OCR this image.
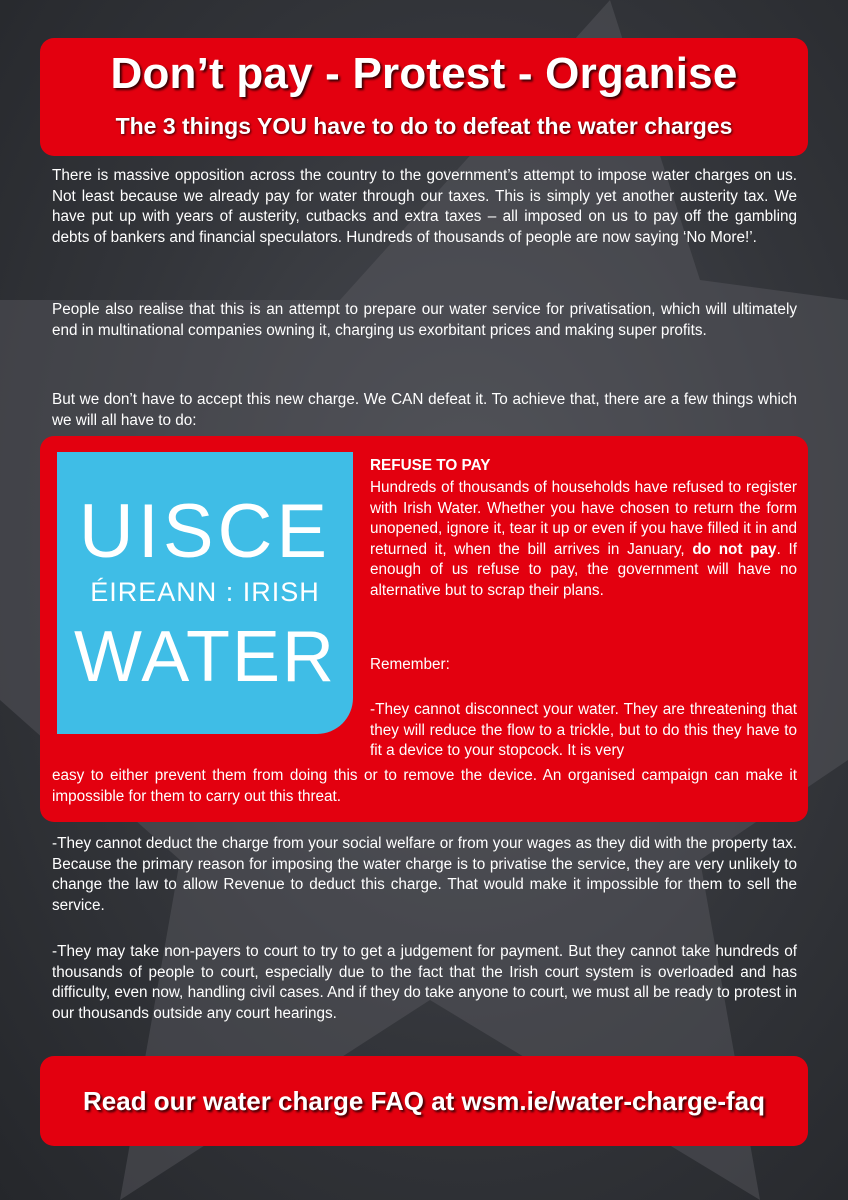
Don’t pay - Protest - Organise
The 3 things YOU have to do to defeat the water charges

There is massive opposition across the country to the government’s attempt to impose water charges on us. Not least because we already pay for water through our taxes. This is simply yet another austerity tax. We have put up with years of austerity, cutbacks and extra taxes – all imposed on us to pay off the gambling debts of bankers and financial speculators. Hundreds of thousands of people are now saying ‘No More!’.

People also realise that this is an attempt to prepare our water service for privatisation, which will ultimately end in multinational companies owning it, charging us exorbitant prices and making super profits.

But we don’t have to accept this new charge. We CAN defeat it. To achieve that, there are a few things which we will all have to do:

UISCE
ÉIREANN : IRISH
WATER
REFUSE TO PAY

Hundreds of thousands of households have refused to register with Irish Water. Whether you have chosen to return the form unopened, ignore it, tear it up or even if you have filled it in and returned it, when the bill arrives in January, do not pay. If enough of us refuse to pay, the government will have no alternative but to scrap their plans.

Remember:

-They cannot disconnect your water. They are threatening that they will reduce the flow to a trickle, but to do this they have to fit a device to your stopcock. It is very

easy to either prevent them from doing this or to remove the device. An organised campaign can make it impossible for them to carry out this threat.

-They cannot deduct the charge from your social welfare or from your wages as they did with the property tax. Because the primary reason for imposing the water charge is to privatise the service, they are very unlikely to change the law to allow Revenue to deduct this charge. That would make it impossible for them to sell the service.

-They may take non-payers to court to try to get a judgement for payment. But they cannot take hundreds of thousands of people to court, especially due to the fact that the Irish court system is overloaded and has difficulty, even now, handling civil cases. And if they do take anyone to court, we must all be ready to protest in our thousands outside any court hearings.

Read our water charge FAQ at wsm.ie/water-charge-faq
